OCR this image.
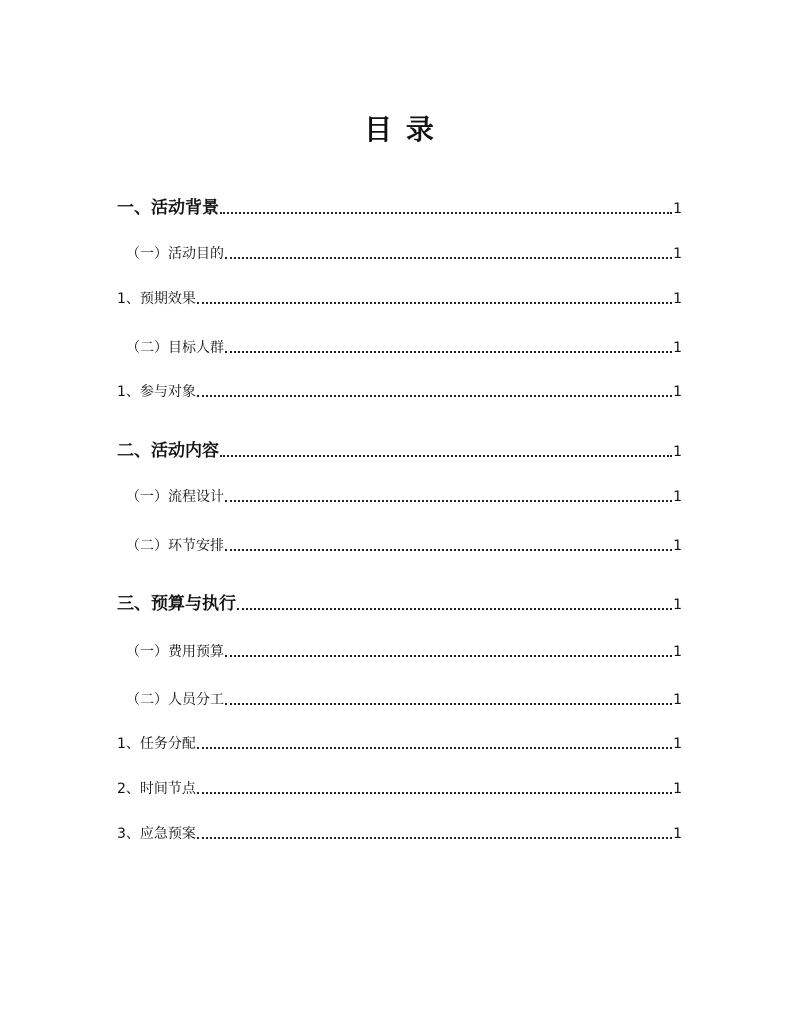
目 录
一、活动背景	1
（一）活动目的	1
1、预期效果	1
（二）目标人群	1
1、参与对象	1
二、活动内容	1
（一）流程设计	1
（二）环节安排	1
三、预算与执行	1
（一）费用预算	1
（二）人员分工	1
1、任务分配	1
2、时间节点	1
3、应急预案	1
